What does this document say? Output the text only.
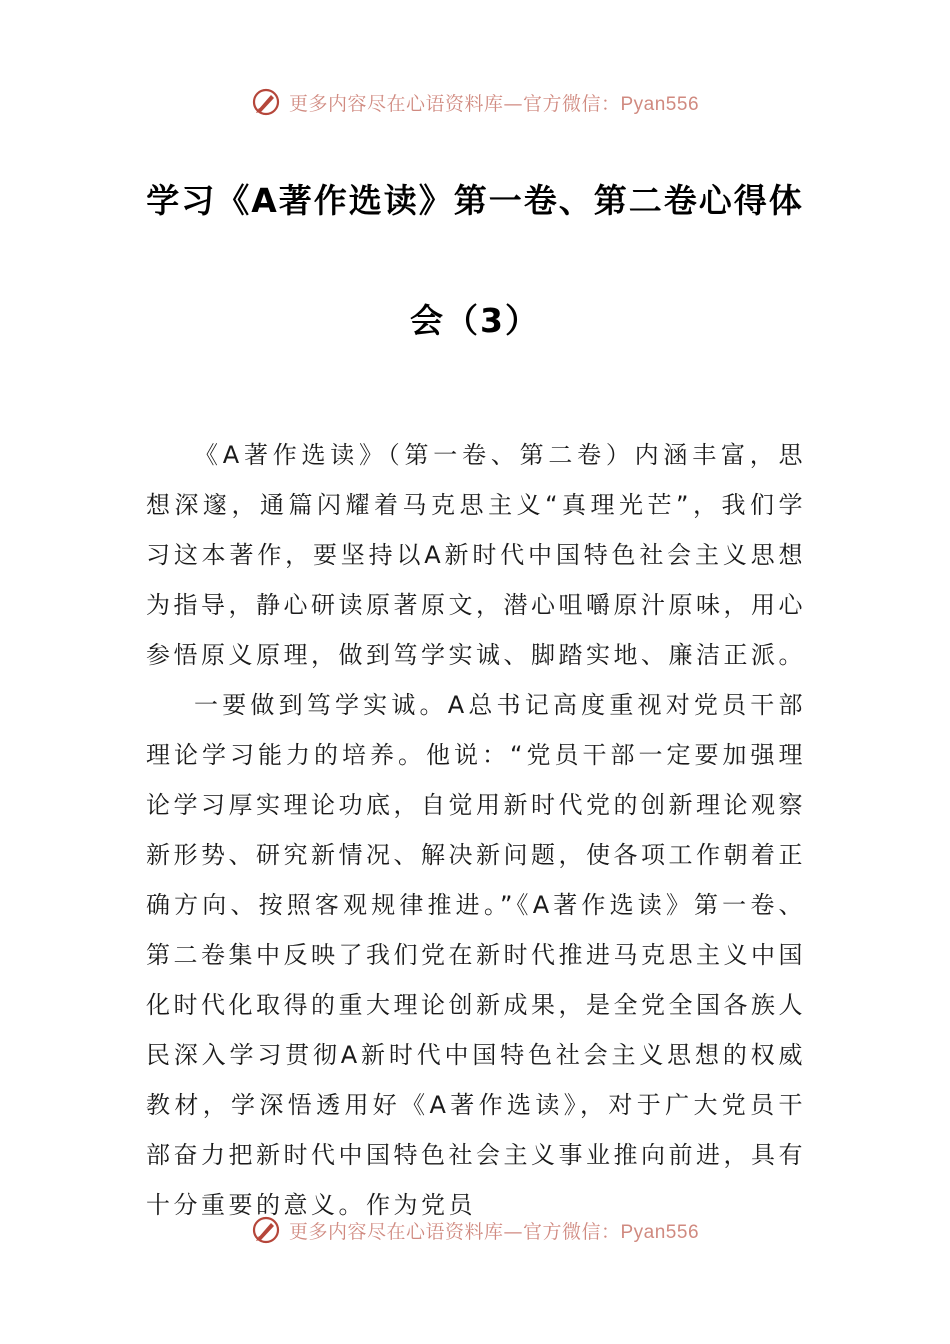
更多内容尽在心语资料库—官方微信：Pyan556
学习《A著作选读》第一卷、第二卷心得体
会（3）

《A著作选读》（第一卷、第二卷）内涵丰富，思想深邃，通篇闪耀着马克思主义“真理光芒”，我们学习这本著作，要坚持以A新时代中国特色社会主义思想为指导，静心研读原著原文，潜心咀嚼原汁原味，用心参悟原义原理，做到笃学实诚、脚踏实地、廉洁正派。

一要做到笃学实诚。A总书记高度重视对党员干部理论学习能力的培养。他说：“党员干部一定要加强理论学习厚实理论功底，自觉用新时代党的创新理论观察新形势、研究新情况、解决新问题，使各项工作朝着正确方向、按照客观规律推进。”《A著作选读》第一卷、第二卷集中反映了我们党在新时代推进马克思主义中国化时代化取得的重大理论创新成果，是全党全国各族人民深入学习贯彻A新时代中国特色社会主义思想的权威教材，学深悟透用好《A著作选读》，对于广大党员干部奋力把新时代中国特色社会主义事业推向前进，具有十分重要的意义。作为党员

更多内容尽在心语资料库—官方微信：Pyan556
